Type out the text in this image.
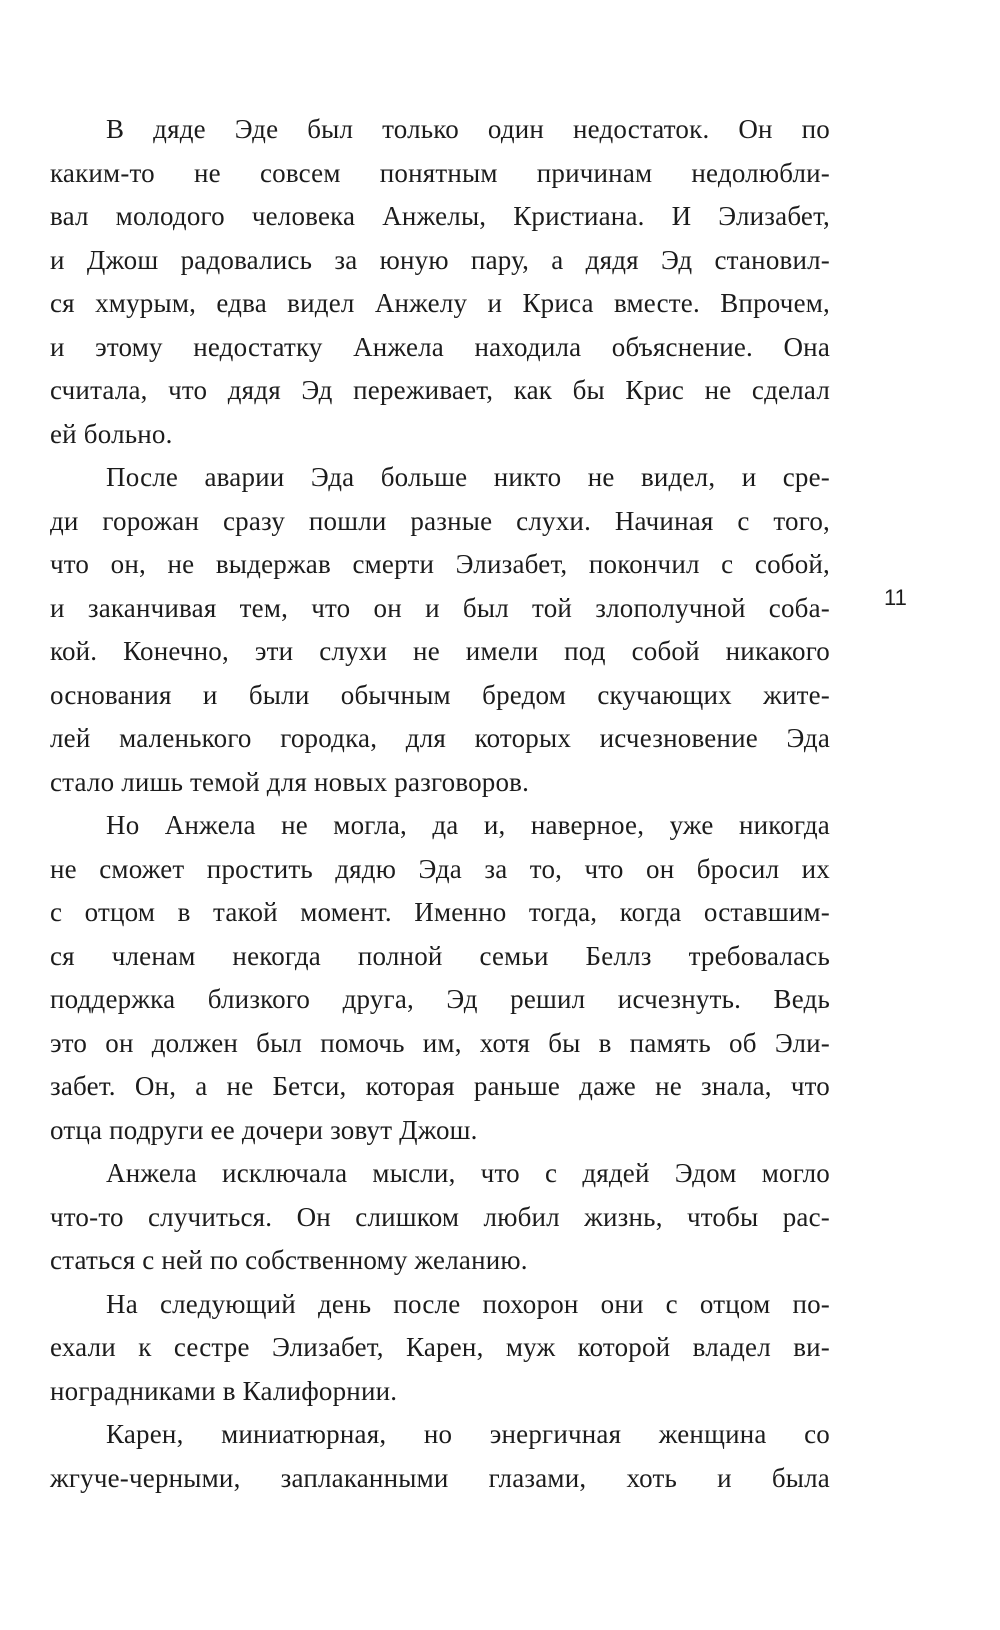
В дяде Эде был только один недостаток. Он по
каким-то не совсем понятным причинам недолюбли-
вал молодого человека Анжелы, Кристиана. И Элизабет,
и Джош радовались за юную пару, а дядя Эд становил-
ся хмурым, едва видел Анжелу и Криса вместе. Впрочем,
и этому недостатку Анжела находила объяснение. Она
считала, что дядя Эд переживает, как бы Крис не сделал
ей больно.
После аварии Эда больше никто не видел, и сре-
ди горожан сразу пошли разные слухи. Начиная с того,
что он, не выдержав смерти Элизабет, покончил с собой,
и заканчивая тем, что он и был той злополучной соба-
кой. Конечно, эти слухи не имели под собой никакого
основания и были обычным бредом скучающих жите-
лей маленького городка, для которых исчезновение Эда
стало лишь темой для новых разговоров.
Но Анжела не могла, да и, наверное, уже никогда
не сможет простить дядю Эда за то, что он бросил их
с отцом в такой момент. Именно тогда, когда оставшим-
ся членам некогда полной семьи Беллз требовалась
поддержка близкого друга, Эд решил исчезнуть. Ведь
это он должен был помочь им, хотя бы в память об Эли-
забет. Он, а не Бетси, которая раньше даже не знала, что
отца подруги ее дочери зовут Джош.
Анжела исключала мысли, что с дядей Эдом могло
что-то случиться. Он слишком любил жизнь, чтобы рас-
статься с ней по собственному желанию.
На следующий день после похорон они с отцом по-
ехали к сестре Элизабет, Карен, муж которой владел ви-
ноградниками в Калифорнии.
Карен, миниатюрная, но энергичная женщина со
жгуче-черными, заплаканными глазами, хоть и была
11
